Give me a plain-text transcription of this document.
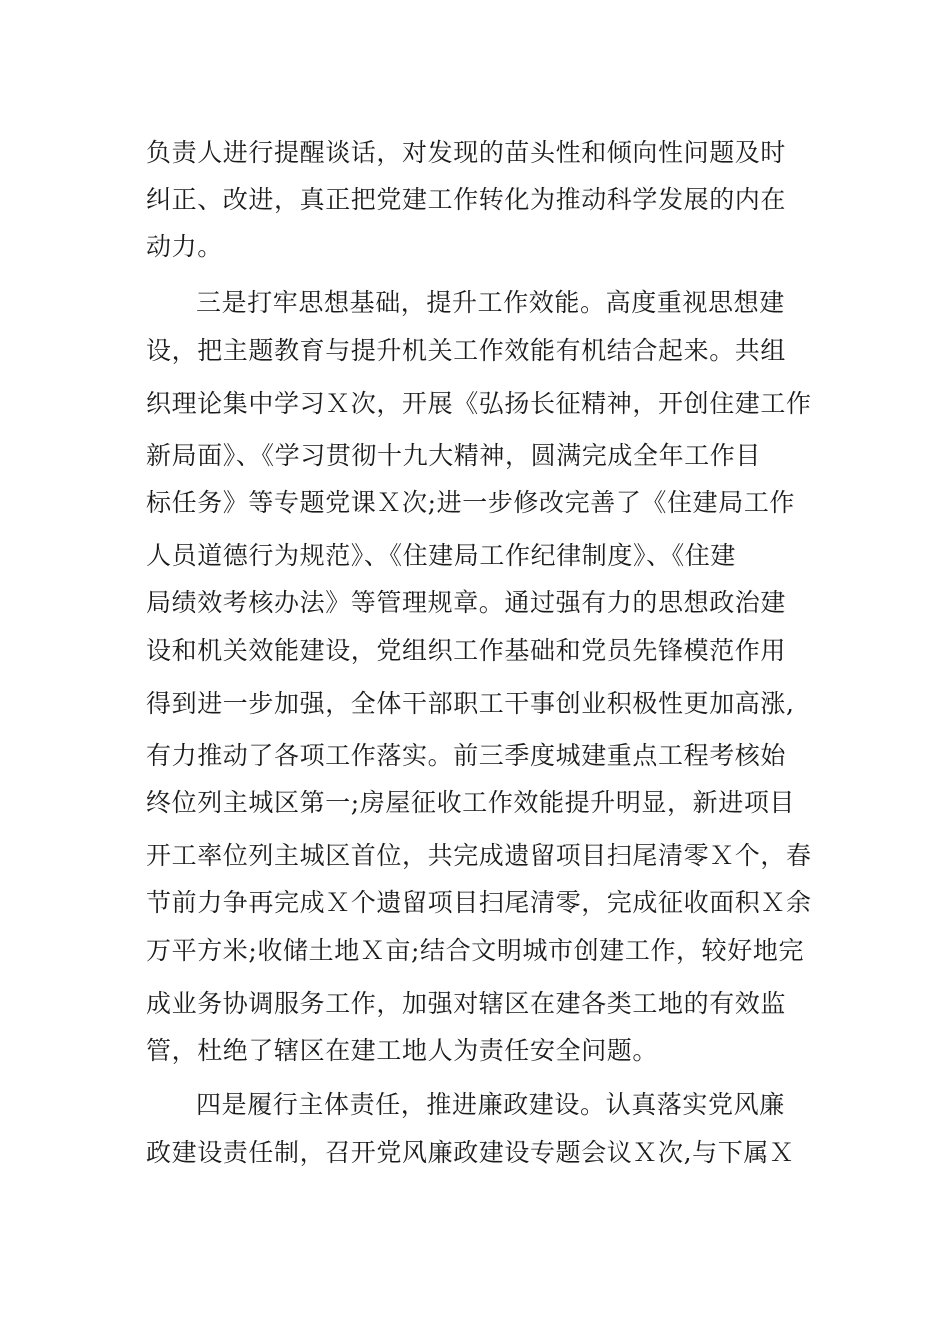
负责人进行提醒谈话，对发现的苗头性和倾向性问题及时
纠正、改进，真正把党建工作转化为推动科学发展的内在
动力。
三是打牢思想基础，提升工作效能。高度重视思想建
设，把主题教育与提升机关工作效能有机结合起来。共组
织理论集中学习Ｘ次，开展《弘扬长征精神，开创住建工作
新局面》、《学习贯彻十九大精神，圆满完成全年工作目
标任务》等专题党课Ｘ次;进一步修改完善了《住建局工作
人员道德行为规范》、《住建局工作纪律制度》、《住建
局绩效考核办法》等管理规章。通过强有力的思想政治建
设和机关效能建设，党组织工作基础和党员先锋模范作用
得到进一步加强，全体干部职工干事创业积极性更加高涨,
有力推动了各项工作落实。前三季度城建重点工程考核始
终位列主城区第一;房屋征收工作效能提升明显，新进项目
开工率位列主城区首位，共完成遗留项目扫尾清零Ｘ个，春
节前力争再完成Ｘ个遗留项目扫尾清零，完成征收面积Ｘ余
万平方米;收储土地Ｘ亩;结合文明城市创建工作，较好地完
成业务协调服务工作，加强对辖区在建各类工地的有效监
管，杜绝了辖区在建工地人为责任安全问题。
四是履行主体责任，推进廉政建设。认真落实党风廉
政建设责任制，召开党风廉政建设专题会议Ｘ次,与下属Ｘ
